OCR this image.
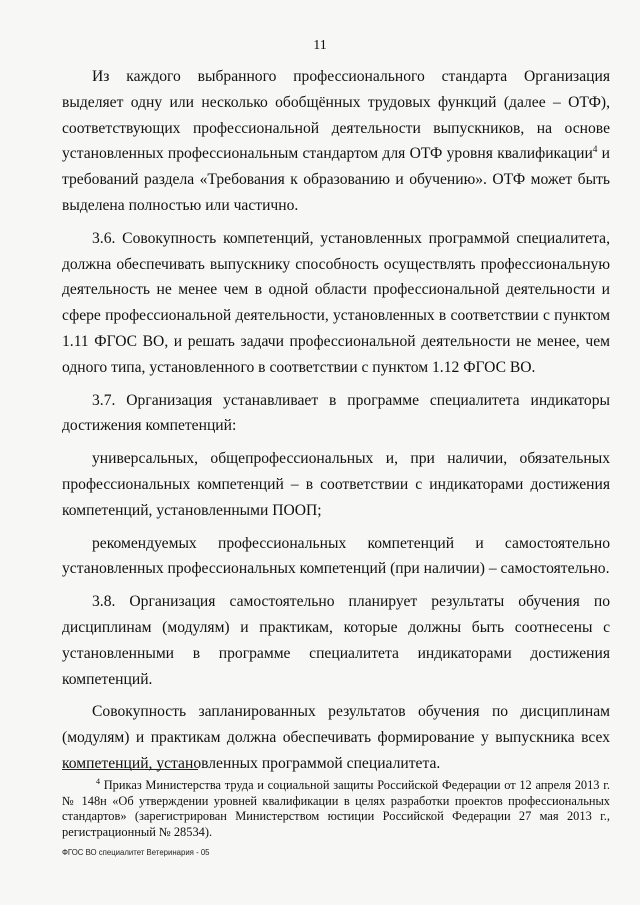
11

Из каждого выбранного профессионального стандарта Организация выделяет одну или несколько обобщённых трудовых функций (далее – ОТФ), соответствующих профессиональной деятельности выпускников, на основе установленных профессиональным стандартом для ОТФ уровня квалификации$^4$ и требований раздела «Требования к образованию и обучению». ОТФ может быть выделена полностью или частично.

3.6. Совокупность компетенций, установленных программой специалитета, должна обеспечивать выпускнику способность осуществлять профессиональную деятельность не менее чем в одной области профессиональной деятельности и сфере профессиональной деятельности, установленных в соответствии с пунктом 1.11 ФГОС ВО, и решать задачи профессиональной деятельности не менее, чем одного типа, установленного в соответствии с пунктом 1.12 ФГОС ВО.

3.7. Организация устанавливает в программе специалитета индикаторы достижения компетенций:

универсальных, общепрофессиональных и, при наличии, обязательных профессиональных компетенций – в соответствии с индикаторами достижения компетенций, установленными ПООП;

рекомендуемых профессиональных компетенций и самостоятельно установленных профессиональных компетенций (при наличии) – самостоятельно.

3.8. Организация самостоятельно планирует результаты обучения по дисциплинам (модулям) и практикам, которые должны быть соотнесены с установленными в программе специалитета индикаторами достижения компетенций.

Совокупность запланированных результатов обучения по дисциплинам (модулям) и практикам должна обеспечивать формирование у выпускника всех компетенций, установленных программой специалитета.

$^4$ Приказ Министерства труда и социальной защиты Российской Федерации от 12 апреля 2013 г. № 148н «Об утверждении уровней квалификации в целях разработки проектов профессиональных стандартов» (зарегистрирован Министерством юстиции Российской Федерации 27 мая 2013 г., регистрационный № 28534).

ФГОС ВО специалитет Ветеринария - 05
